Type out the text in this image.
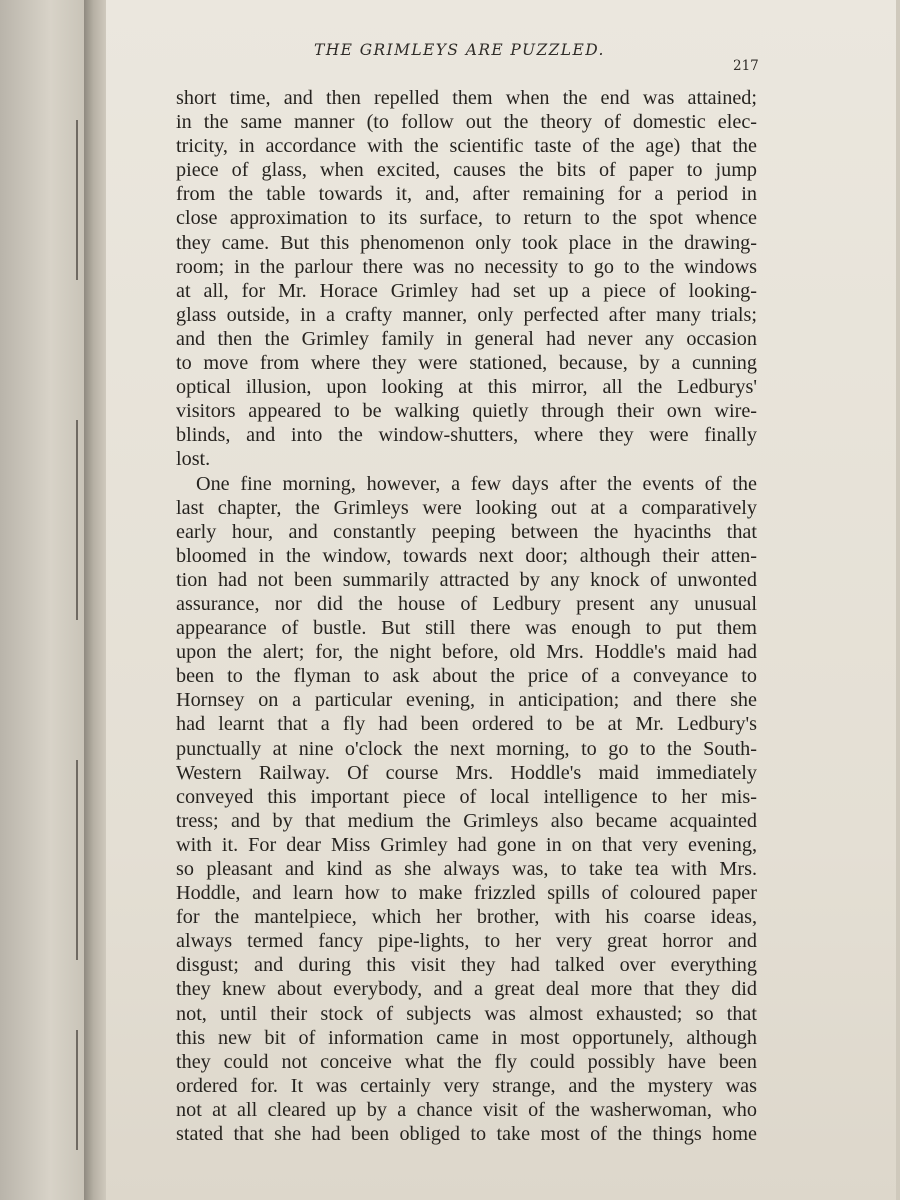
THE GRIMLEYS ARE PUZZLED.
217
short time, and then repelled them when the end was attained;
in the same manner (to follow out the theory of domestic elec-
tricity, in accordance with the scientific taste of the age) that the
piece of glass, when excited, causes the bits of paper to jump
from the table towards it, and, after remaining for a period in
close approximation to its surface, to return to the spot whence
they came. But this phenomenon only took place in the drawing-
room; in the parlour there was no necessity to go to the windows
at all, for Mr. Horace Grimley had set up a piece of looking-
glass outside, in a crafty manner, only perfected after many trials;
and then the Grimley family in general had never any occasion
to move from where they were stationed, because, by a cunning
optical illusion, upon looking at this mirror, all the Ledburys'
visitors appeared to be walking quietly through their own wire-
blinds, and into the window-shutters, where they were finally
lost.
One fine morning, however, a few days after the events of the
last chapter, the Grimleys were looking out at a comparatively
early hour, and constantly peeping between the hyacinths that
bloomed in the window, towards next door; although their atten-
tion had not been summarily attracted by any knock of unwonted
assurance, nor did the house of Ledbury present any unusual
appearance of bustle. But still there was enough to put them
upon the alert; for, the night before, old Mrs. Hoddle's maid had
been to the flyman to ask about the price of a conveyance to
Hornsey on a particular evening, in anticipation; and there she
had learnt that a fly had been ordered to be at Mr. Ledbury's
punctually at nine o'clock the next morning, to go to the South-
Western Railway. Of course Mrs. Hoddle's maid immediately
conveyed this important piece of local intelligence to her mis-
tress; and by that medium the Grimleys also became acquainted
with it. For dear Miss Grimley had gone in on that very evening,
so pleasant and kind as she always was, to take tea with Mrs.
Hoddle, and learn how to make frizzled spills of coloured paper
for the mantelpiece, which her brother, with his coarse ideas,
always termed fancy pipe-lights, to her very great horror and
disgust; and during this visit they had talked over everything
they knew about everybody, and a great deal more that they did
not, until their stock of subjects was almost exhausted; so that
this new bit of information came in most opportunely, although
they could not conceive what the fly could possibly have been
ordered for. It was certainly very strange, and the mystery was
not at all cleared up by a chance visit of the washerwoman, who
stated that she had been obliged to take most of the things home
